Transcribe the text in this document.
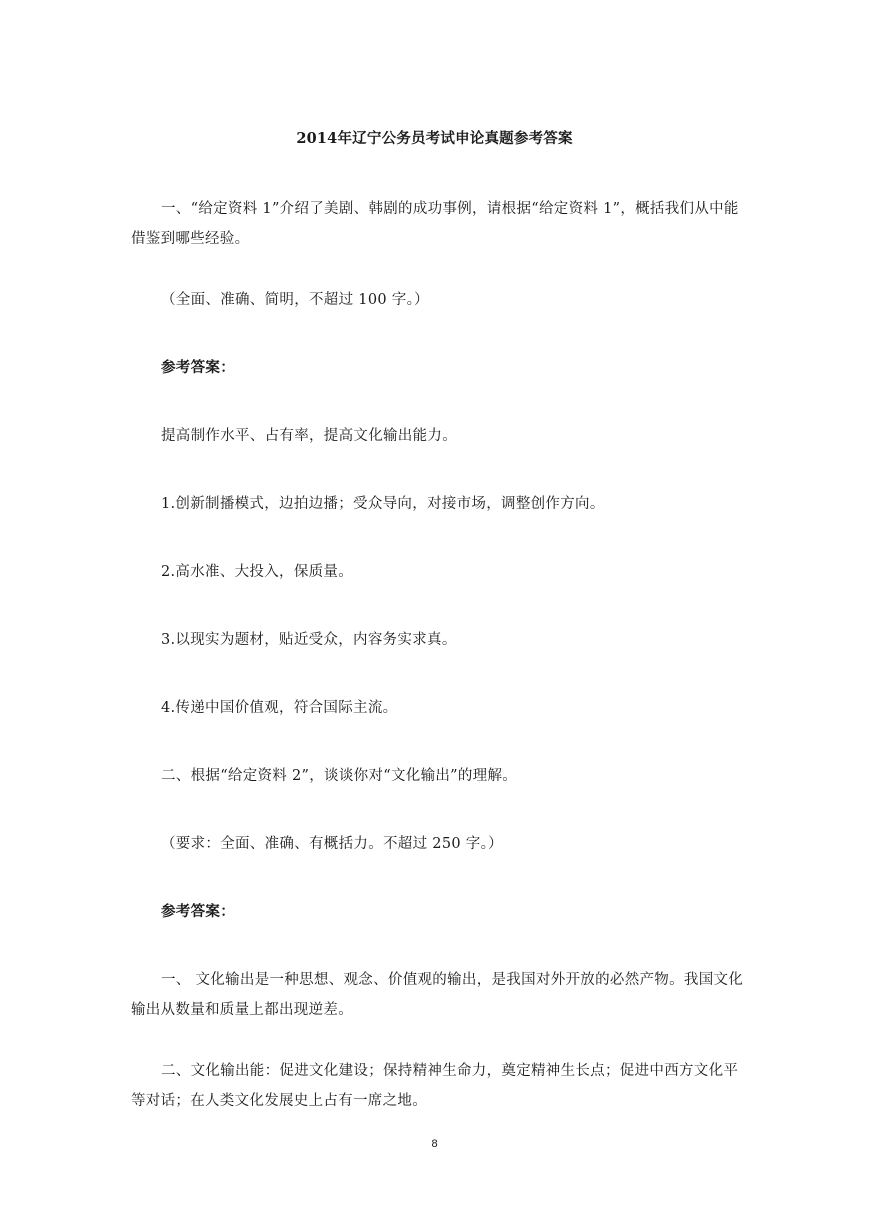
2014年辽宁公务员考试申论真题参考答案
一、“给定资料 1”介绍了美剧、韩剧的成功事例，请根据“给定资料 1”，概括我们从中能借鉴到哪些经验。
（全面、准确、简明，不超过 100 字。）
参考答案：
提高制作水平、占有率，提高文化输出能力。
1.创新制播模式，边拍边播；受众导向，对接市场，调整创作方向。
2.高水准、大投入，保质量。
3.以现实为题材，贴近受众，内容务实求真。
4.传递中国价值观，符合国际主流。
二、根据“给定资料 2”，谈谈你对“文化输出”的理解。
（要求：全面、准确、有概括力。不超过 250 字。）
参考答案：
一、 文化输出是一种思想、观念、价值观的输出，是我国对外开放的必然产物。我国文化输出从数量和质量上都出现逆差。
二、文化输出能：促进文化建设；保持精神生命力，奠定精神生长点；促进中西方文化平等对话；在人类文化发展史上占有一席之地。
8
